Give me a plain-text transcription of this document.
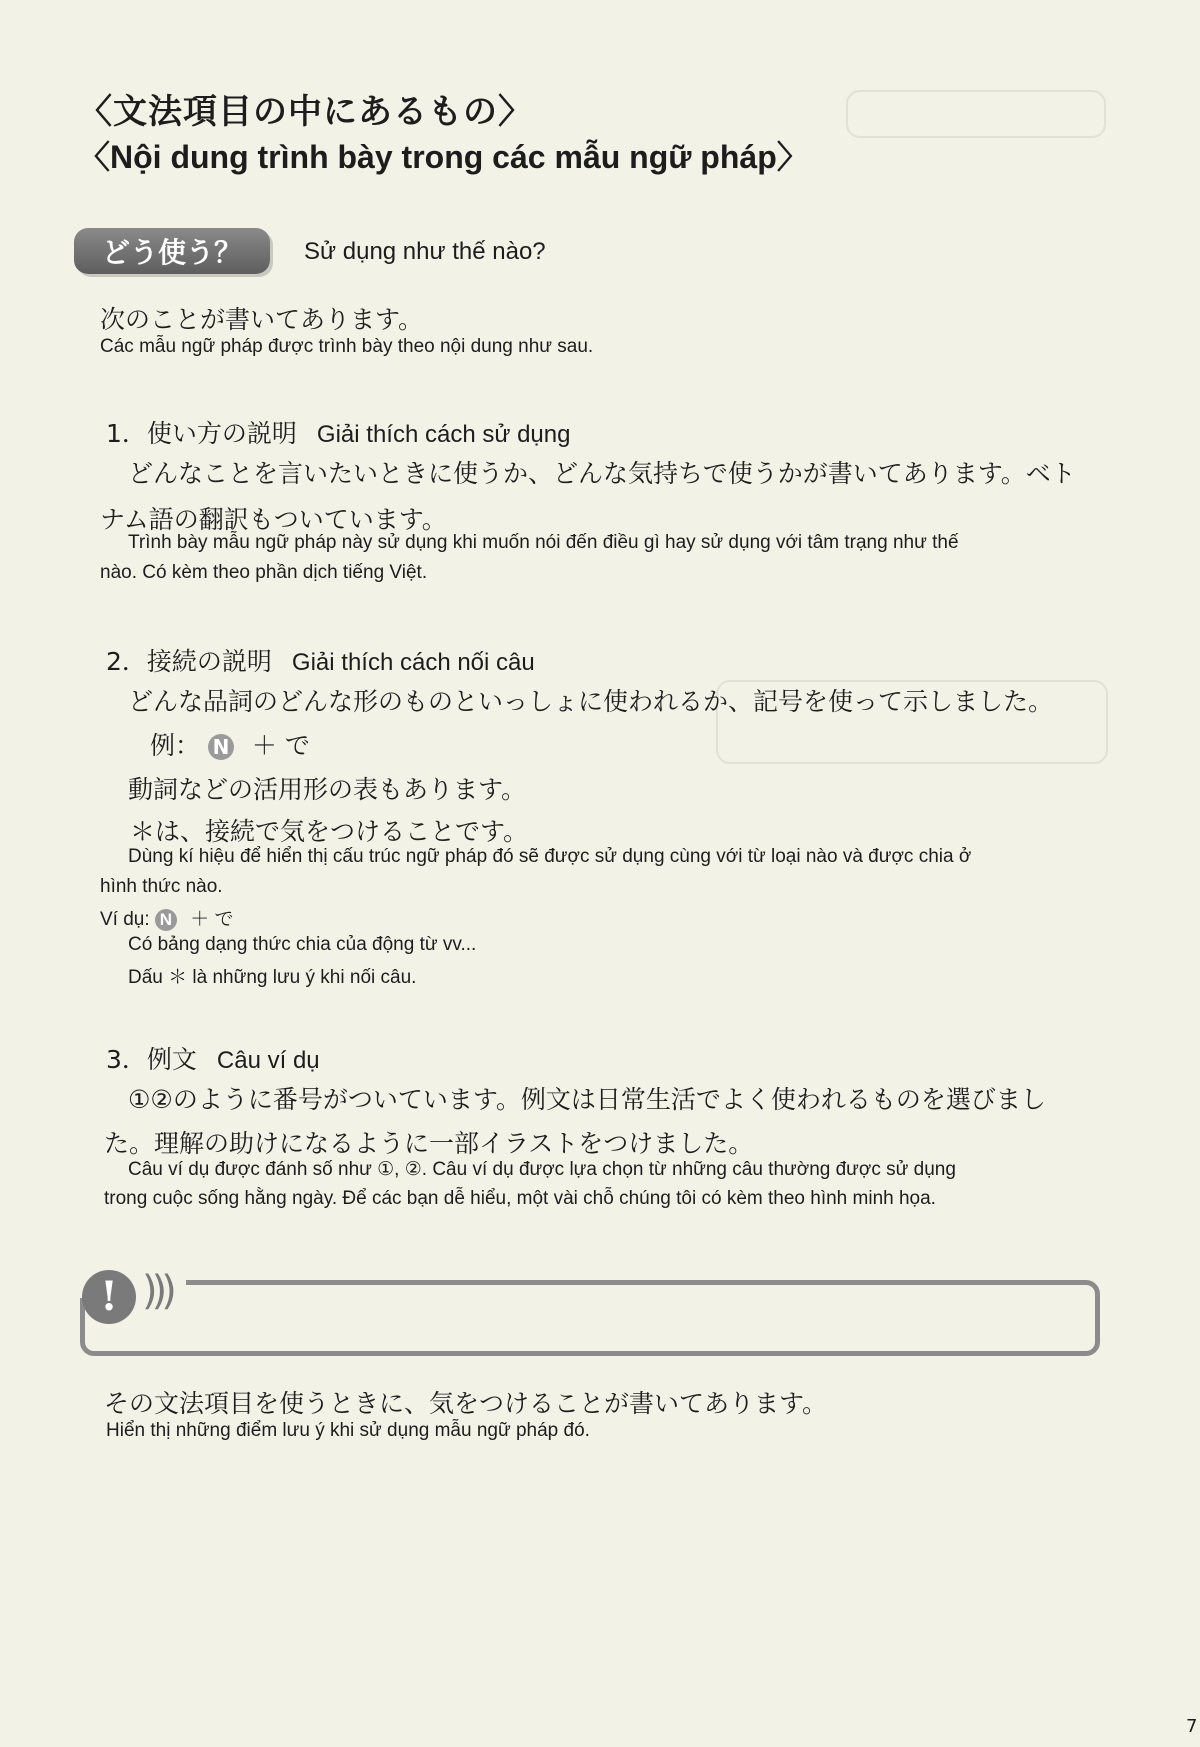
〈文法項目の中にあるもの〉
〈Nội dung trình bày trong các mẫu ngữ pháp〉
どう使う？	Sử dụng như thế nào?
次のことが書いてあります。
Các mẫu ngữ pháp được trình bày theo nội dung như sau.
1．使い方の説明 Giải thích cách sử dụng
どんなことを言いたいときに使うか、どんな気持ちで使うかが書いてあります。ベト
ナム語の翻訳もついています。
Trình bày mẫu ngữ pháp này sử dụng khi muốn nói đến điều gì hay sử dụng với tâm trạng như thế
nào. Có kèm theo phần dịch tiếng Việt.
2．接続の説明 Giải thích cách nối câu
どんな品詞のどんな形のものといっしょに使われるか、記号を使って示しました。
例： N ＋ で
動詞などの活用形の表もあります。
＊は、接続で気をつけることです。
Dùng kí hiệu để hiển thị cấu trúc ngữ pháp đó sẽ được sử dụng cùng với từ loại nào và được chia ở
hình thức nào.
Ví dụ: N ＋ で
Có bảng dạng thức chia của động từ vv...
Dấu ＊ là những lưu ý khi nối câu.
3．例文 Câu ví dụ
①②のように番号がついています。例文は日常生活でよく使われるものを選びまし
た。理解の助けになるように一部イラストをつけました。
Câu ví dụ được đánh số như ①, ②. Câu ví dụ được lựa chọn từ những câu thường được sử dụng
trong cuộc sống hằng ngày. Để các bạn dễ hiểu, một vài chỗ chúng tôi có kèm theo hình minh họa.
! )))
その文法項目を使うときに、気をつけることが書いてあります。
Hiển thị những điểm lưu ý khi sử dụng mẫu ngữ pháp đó.
7
